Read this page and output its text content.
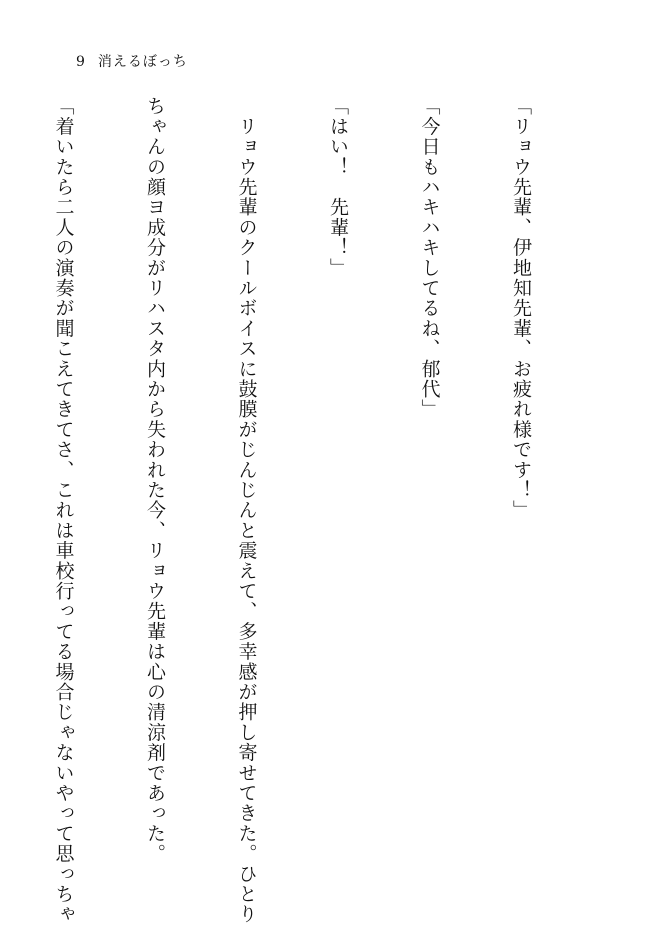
9 消えるぼっち

「リョウ先輩、伊地知先輩、お疲れ様です！」

「今日もハキハキしてるね、郁代」

「はい！　先輩！」

　リョウ先輩のクールボイスに鼓膜がじんじんと震えて、多幸感が押し寄せてきた。ひとり

ちゃんの顔ヨ成分がリハスタ内から失われた今、リョウ先輩は心の清涼剤であった。

「着いたら二人の演奏が聞こえてきてさ、これは車校行ってる場合じゃないやって思っちゃ
